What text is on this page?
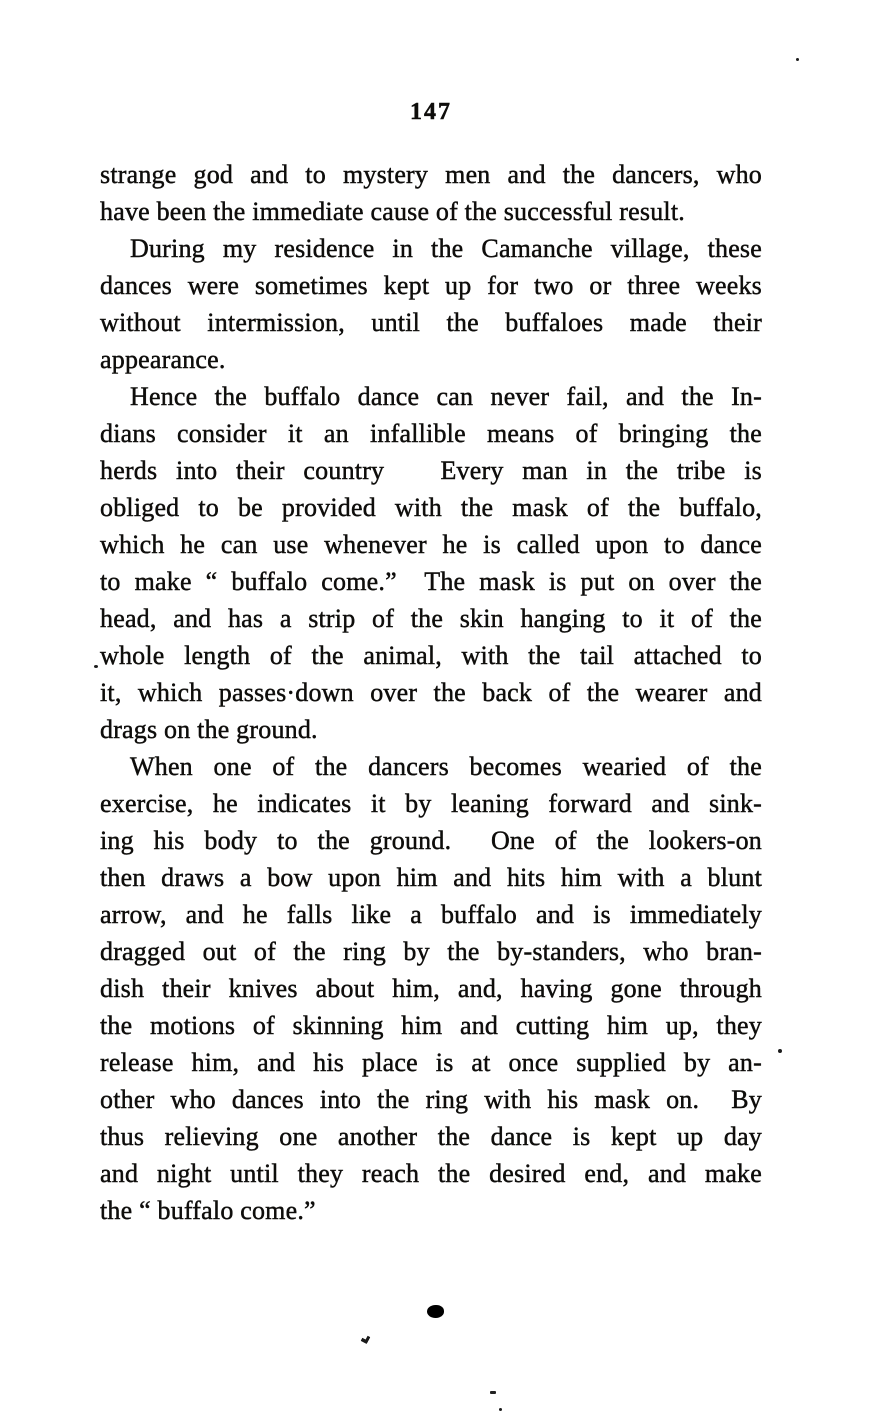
147
strange god and to mystery men and the dancers, who
have been the immediate cause of the successful result.
During my residence in the Camanche village, these
dances were sometimes kept up for two or three weeks
without intermission, until the buffaloes made their
appearance.
Hence the buffalo dance can never fail, and the In-
dians consider it an infallible means of bringing the
herds into their country   Every man in the tribe is
obliged to be provided with the mask of the buffalo,
which he can use whenever he is called upon to dance
to make “ buffalo come.”  The mask is put on over the
head, and has a strip of the skin hanging to it of the
whole length of the animal, with the tail attached to
it, which passes·down over the back of the wearer and
drags on the ground.
When one of the dancers becomes wearied of the
exercise, he indicates it by leaning forward and sink-
ing his body to the ground.  One of the lookers-on
then draws a bow upon him and hits him with a blunt
arrow, and he falls like a buffalo and is immediately
dragged out of the ring by the by-standers, who bran-
dish their knives about him, and, having gone through
the motions of skinning him and cutting him up, they
release him, and his place is at once supplied by an-
other who dances into the ring with his mask on.  By
thus relieving one another the dance is kept up day
and night until they reach the desired end, and make
the “ buffalo come.”
